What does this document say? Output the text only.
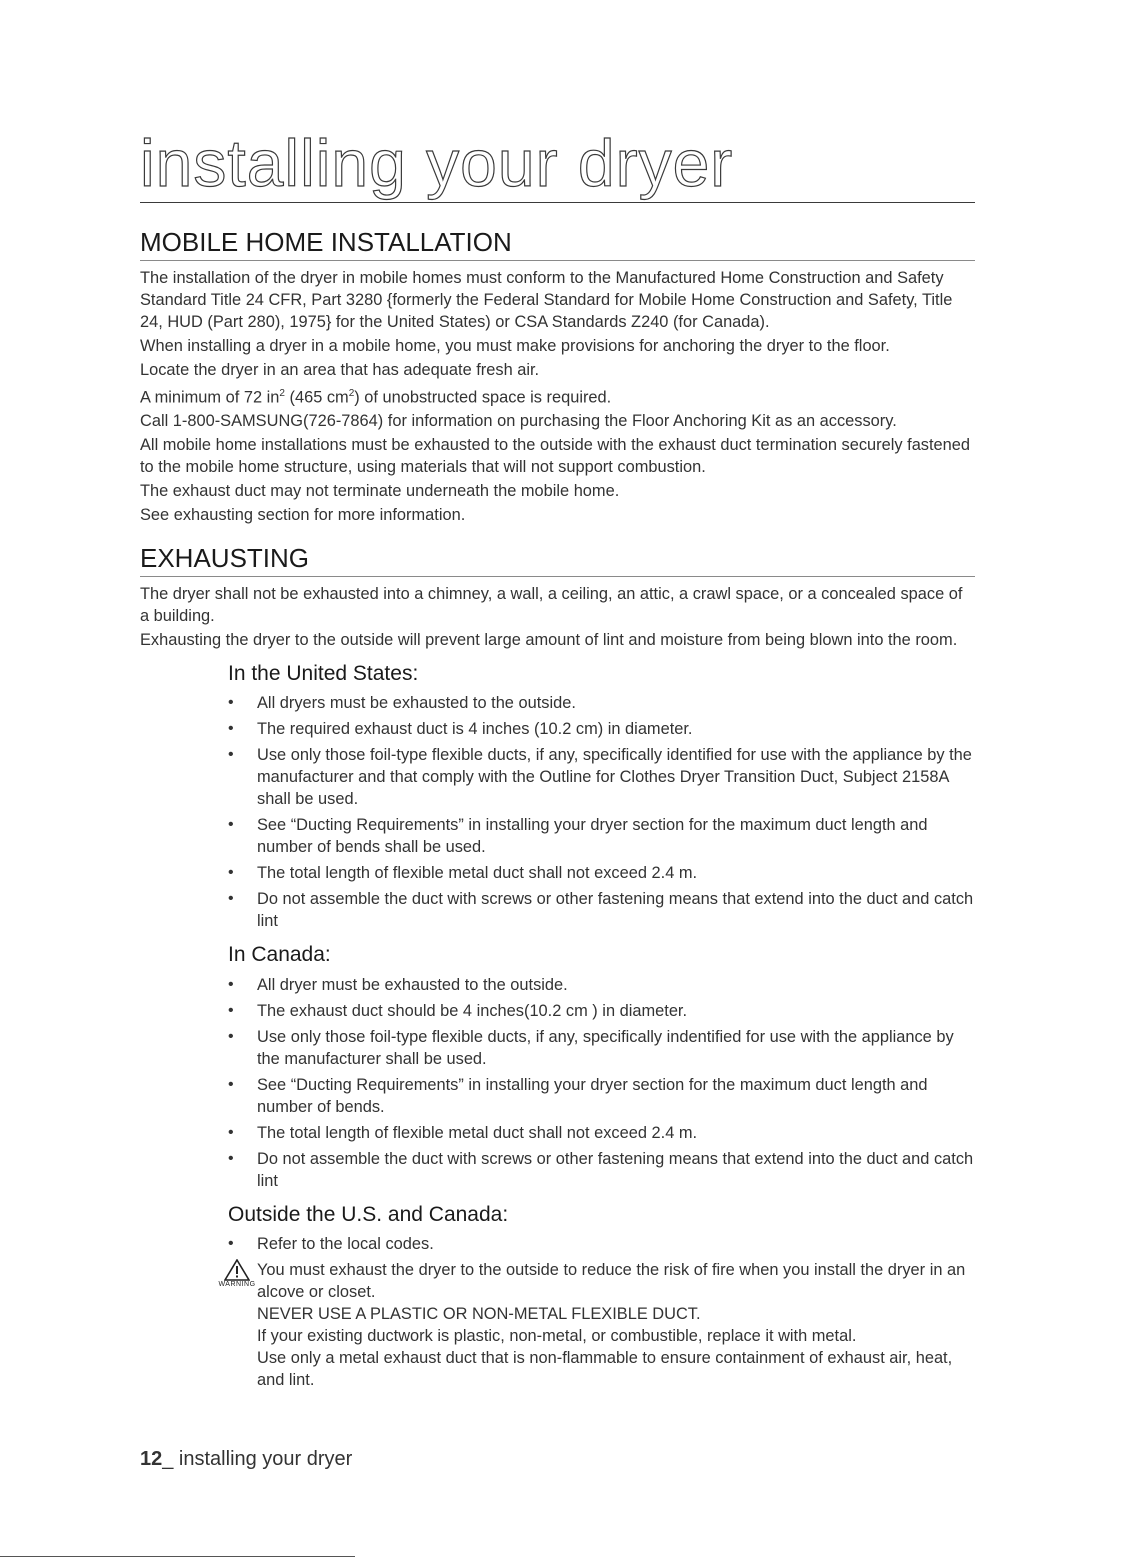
installing your dryer
MOBILE HOME INSTALLATION

The installation of the dryer in mobile homes must conform to the Manufactured Home Construction and Safety Standard Title 24 CFR, Part 3280 {formerly the Federal Standard for Mobile Home Construction and Safety, Title 24, HUD (Part 280), 1975} for the United States) or CSA Standards Z240 (for Canada).

When installing a dryer in a mobile home, you must make provisions for anchoring the dryer to the floor.

Locate the dryer in an area that has adequate fresh air.

A minimum of 72 $in^2$ (465 $cm^2$) of unobstructed space is required.

Call 1-800-SAMSUNG(726-7864) for information on purchasing the Floor Anchoring Kit as an accessory.

All mobile home installations must be exhausted to the outside with the exhaust duct termination securely fastened to the mobile home structure, using materials that will not support combustion.

The exhaust duct may not terminate underneath the mobile home.

See exhausting section for more information.

EXHAUSTING

The dryer shall not be exhausted into a chimney, a wall, a ceiling, an attic, a crawl space, or a concealed space of a building.

Exhausting the dryer to the outside will prevent large amount of lint and moisture from being blown into the room.

In the United States:
• All dryers must be exhausted to the outside.
• The required exhaust duct is 4 inches (10.2 cm) in diameter.
• Use only those foil-type flexible ducts, if any, specifically identified for use with the appliance by the manufacturer and that comply with the Outline for Clothes Dryer Transition Duct, Subject 2158A shall be used.
• See “Ducting Requirements” in installing your dryer section for the maximum duct length and number of bends shall be used.
• The total length of flexible metal duct shall not exceed 2.4 m.
• Do not assemble the duct with screws or other fastening means that extend into the duct and catch lint
In Canada:
• All dryer must be exhausted to the outside.
• The exhaust duct should be 4 inches(10.2 cm ) in diameter.
• Use only those foil-type flexible ducts, if any, specifically indentified for use with the appliance by the manufacturer shall be used.
• See “Ducting Requirements” in installing your dryer section for the maximum duct length and number of bends.
• The total length of flexible metal duct shall not exceed 2.4 m.
• Do not assemble the duct with screws or other fastening means that extend into the duct and catch lint
Outside the U.S. and Canada:
• Refer to the local codes.
WARNING

You must exhaust the dryer to the outside to reduce the risk of fire when you install the dryer in an alcove or closet.

NEVER USE A PLASTIC OR NON-METAL FLEXIBLE DUCT.

If your existing ductwork is plastic, non-metal, or combustible, replace it with metal.

Use only a metal exhaust duct that is non-flammable to ensure containment of exhaust air, heat, and lint.

12_ installing your dryer
